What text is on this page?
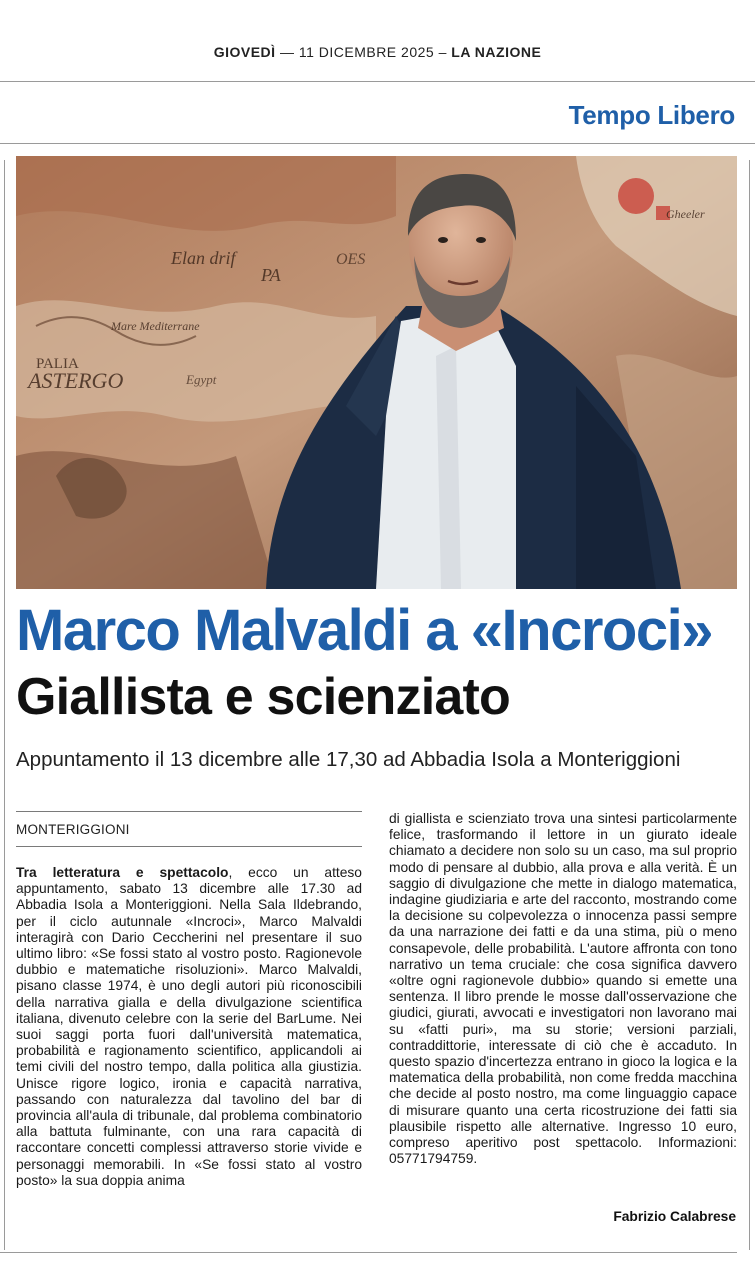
GIOVEDÌ — 11 DICEMBRE 2025 – LA NAZIONE
Tempo Libero
Elan drif
PA
OES
Mare Mediterrane
PALIA
ASTERGO	Egypt
Gheeler
Marco Malvaldi a «Incroci»
Giallista e scienziato
Appuntamento il 13 dicembre alle 17,30 ad Abbadia Isola a Monteriggioni
MONTERIGGIONI
Tra letteratura e spettacolo, ecco un atteso appuntamento, sabato 13 dicembre alle 17.30 ad Abbadia Isola a Monteriggioni. Nella Sala Ildebrando, per il ciclo autunnale «Incroci», Marco Malvaldi interagirà con Dario Ceccherini nel presentare il suo ultimo libro: «Se fossi stato al vostro posto. Ragionevole dubbio e matematiche risoluzioni». Marco Malvaldi, pisano classe 1974, è uno degli autori più riconoscibili della narrativa gialla e della divulgazione scientifica italiana, divenuto celebre con la serie del BarLume. Nei suoi saggi porta fuori dall'università matematica, probabilità e ragionamento scientifico, applicandoli ai temi civili del nostro tempo, dalla politica alla giustizia. Unisce rigore logico, ironia e capacità narrativa, passando con naturalezza dal tavolino del bar di provincia all'aula di tribunale, dal problema combinatorio alla battuta fulminante, con una rara capacità di raccontare concetti complessi attraverso storie vivide e personaggi memorabili. In «Se fossi stato al vostro posto» la sua doppia anima
di giallista e scienziato trova una sintesi particolarmente felice, trasformando il lettore in un giurato ideale chiamato a decidere non solo su un caso, ma sul proprio modo di pensare al dubbio, alla prova e alla verità. È un saggio di divulgazione che mette in dialogo matematica, indagine giudiziaria e arte del racconto, mostrando come la decisione su colpevolezza o innocenza passi sempre da una narrazione dei fatti e da una stima, più o meno consapevole, delle probabilità. L'autore affronta con tono narrativo un tema cruciale: che cosa significa davvero «oltre ogni ragionevole dubbio» quando si emette una sentenza. Il libro prende le mosse dall'osservazione che giudici, giurati, avvocati e investigatori non lavorano mai su «fatti puri», ma su storie; versioni parziali, contraddittorie, interessate di ciò che è accaduto. In questo spazio d'incertezza entrano in gioco la logica e la matematica della probabilità, non come fredda macchina che decide al posto nostro, ma come linguaggio capace di misurare quanto una certa ricostruzione dei fatti sia plausibile rispetto alle alternative. Ingresso 10 euro, compreso aperitivo post spettacolo. Informazioni: 05771794759.
Fabrizio Calabrese
